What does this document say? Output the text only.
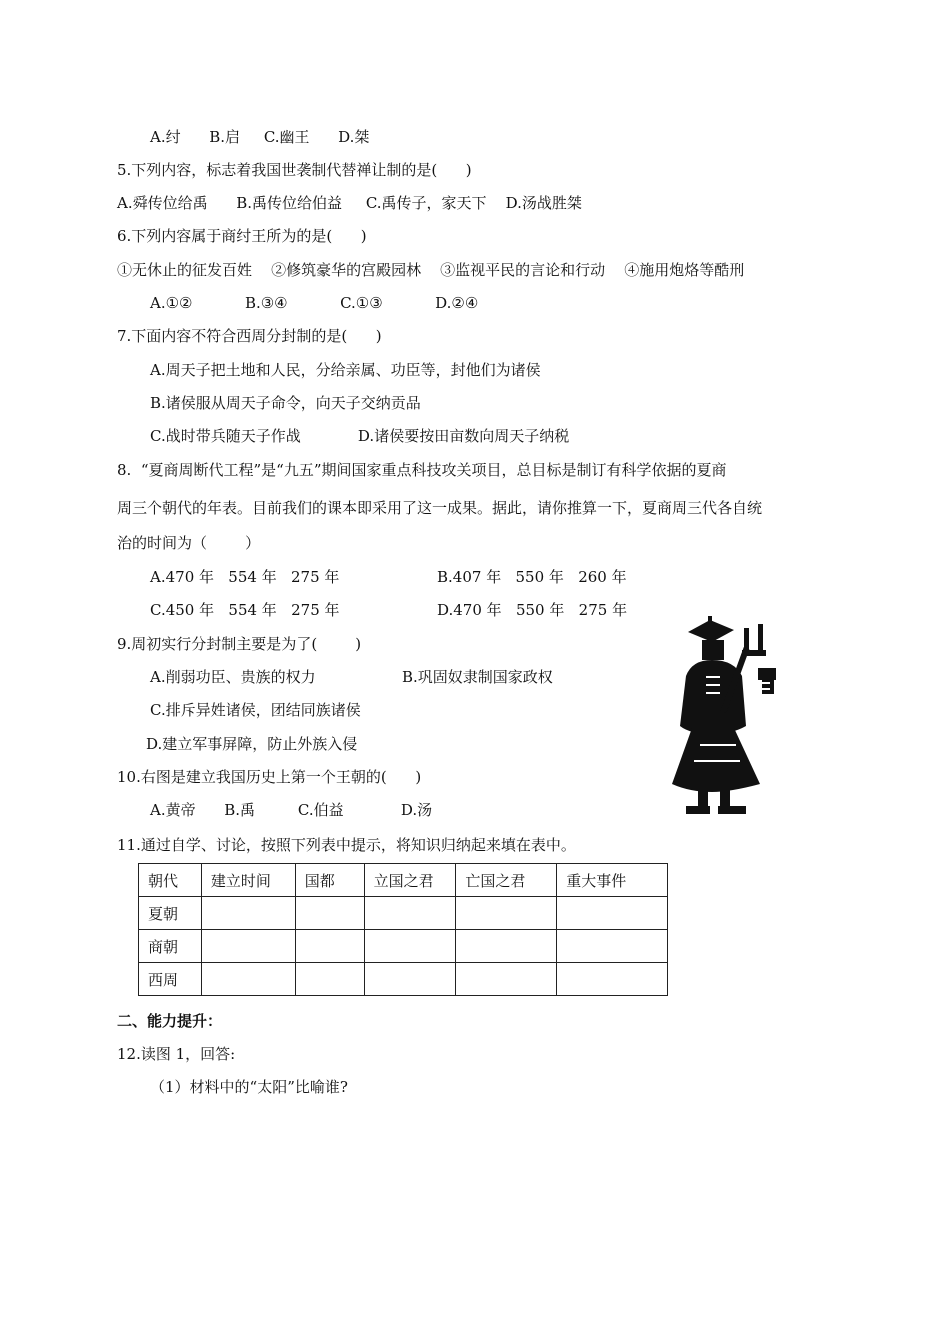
A.纣      B.启     C.幽王      D.桀
5.下列内容，标志着我国世袭制代替禅让制的是(      )
A.舜传位给禹      B.禹传位给伯益     C.禹传子，家天下    D.汤战胜桀
6.下列内容属于商纣王所为的是(      )
①无休止的征发百姓    ②修筑豪华的宫殿园林    ③监视平民的言论和行动    ④施用炮烙等酷刑
A.①②           B.③④           C.①③           D.②④
7.下面内容不符合西周分封制的是(      )
A.周天子把土地和人民，分给亲属、功臣等，封他们为诸侯
B.诸侯服从周天子命令，向天子交纳贡品
C.战时带兵随天子作战            D.诸侯要按田亩数向周天子纳税
8.  “夏商周断代工程”是“九五”期间国家重点科技攻关项目，总目标是制订有科学依据的夏商
周三个朝代的年表。目前我们的课本即采用了这一成果。据此，请你推算一下，夏商周三代各自统
治的时间为（        ）
A.470 年   554 年   275 年	B.407 年   550 年   260 年
C.450 年   554 年   275 年	D.470 年   550 年   275 年
9.周初实行分封制主要是为了(        )
A.削弱功臣、贵族的权力	B.巩固奴隶制国家政权
C.排斥异姓诸侯，团结同族诸侯
D.建立军事屏障，防止外族入侵
10.右图是建立我国历史上第一个王朝的(      )
A.黄帝      B.禹         C.伯益            D.汤
11.通过自学、讨论，按照下列表中提示，将知识归纳起来填在表中。
朝代	建立时间	国都	立国之君	亡国之君	重大事件
夏朝					
商朝					
西周					
二、能力提升：
12.读图 1，回答:
（1）材料中的“太阳”比喻谁?
